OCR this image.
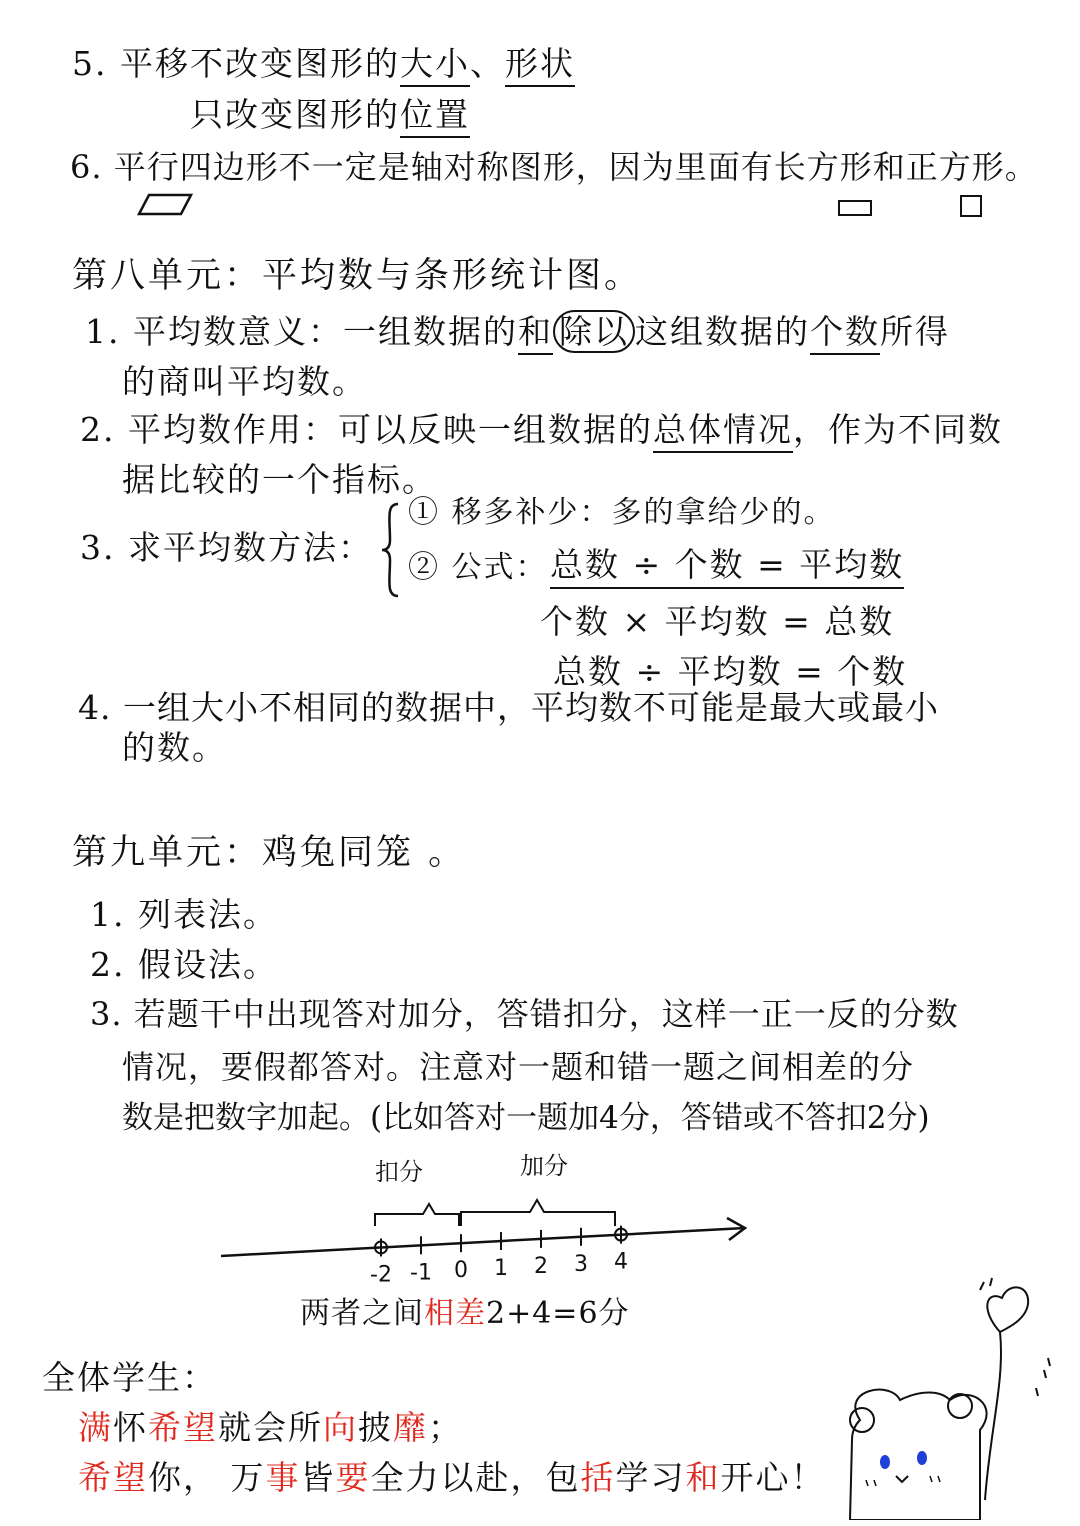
5. 平移不改变图形的大小、形状
只改变图形的位置
6. 平行四边形不一定是轴对称图形，因为里面有长方形和正方形。
第八单元：平均数与条形统计图。
1. 平均数意义：一组数据的和 除以 这组数据的个数所得
的商叫平均数。
2. 平均数作用：可以反映一组数据的总体情况，作为不同数
据比较的一个指标。
3. 求平均数方法：
① 移多补少：多的拿给少的。
② 公式： 总数 ÷ 个数 = 平均数
个数 × 平均数 = 总数
总数 ÷ 平均数 = 个数
4. 一组大小不相同的数据中，平均数不可能是最大或最小
的数。
第九单元：鸡兔同笼 。
1. 列表法。
2. 假设法。
3. 若题干中出现答对加分，答错扣分，这样一正一反的分数
情况，要假都答对。注意对一题和错一题之间相差的分
数是把数字加起。(比如答对一题加4分，答错或不答扣2分)
扣分	加分
-2 -1 0 1 2 3 4
两者之间相差2+4=6分
全体学生：
满怀希望就会所向披靡；
希望你， 万事皆要全力以赴，包括学习和开心！
